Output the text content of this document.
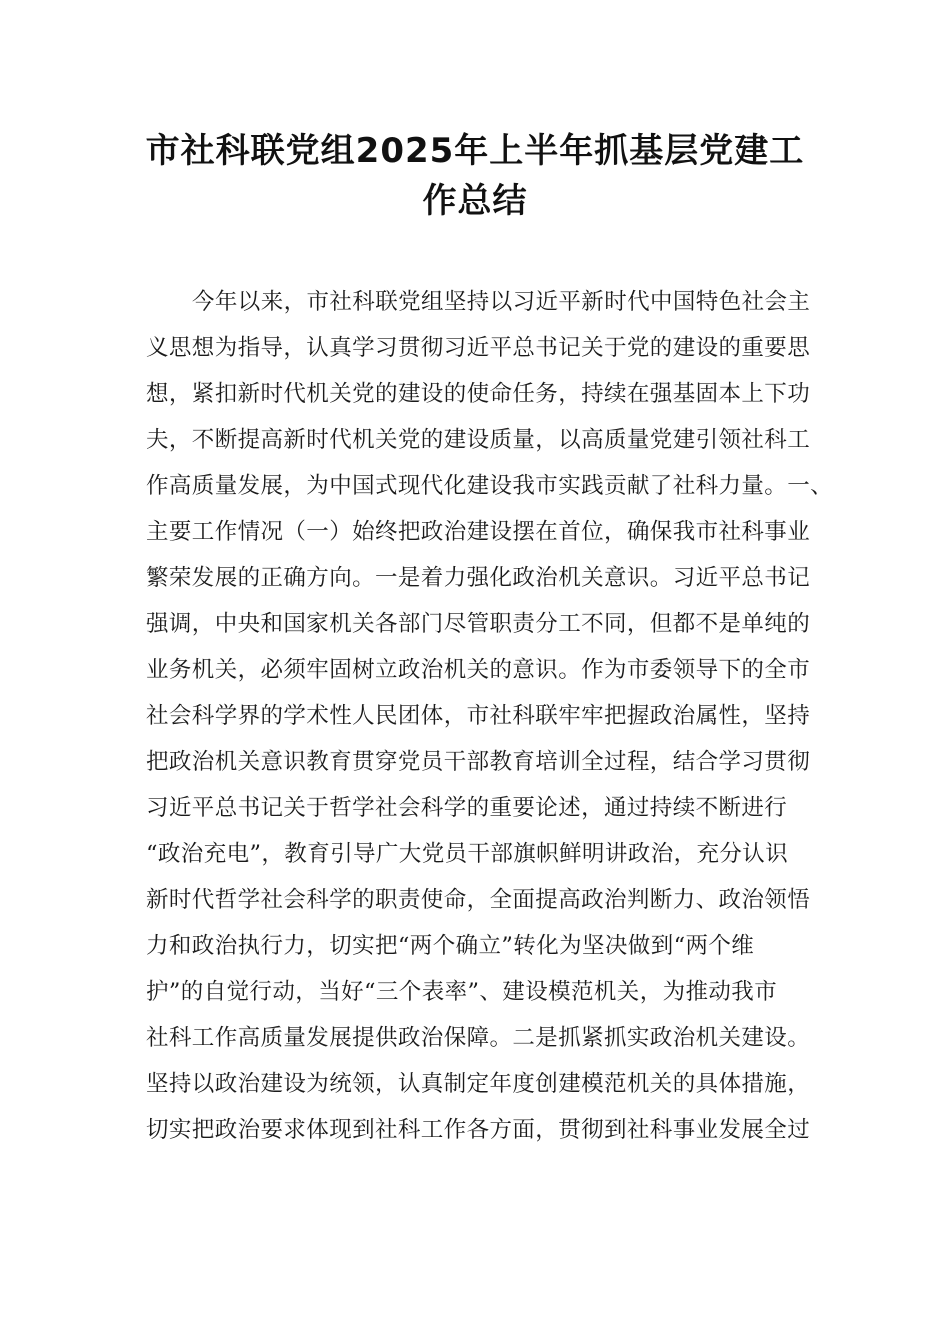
市社科联党组2025年上半年抓基层党建工
作总结
今年以来，市社科联党组坚持以习近平新时代中国特色社会主
义思想为指导，认真学习贯彻习近平总书记关于党的建设的重要思
想，紧扣新时代机关党的建设的使命任务，持续在强基固本上下功
夫，不断提高新时代机关党的建设质量，以高质量党建引领社科工
作高质量发展，为中国式现代化建设我市实践贡献了社科力量。一、
主要工作情况（一）始终把政治建设摆在首位，确保我市社科事业
繁荣发展的正确方向。一是着力强化政治机关意识。习近平总书记
强调，中央和国家机关各部门尽管职责分工不同，但都不是单纯的
业务机关，必须牢固树立政治机关的意识。作为市委领导下的全市
社会科学界的学术性人民团体，市社科联牢牢把握政治属性，坚持
把政治机关意识教育贯穿党员干部教育培训全过程，结合学习贯彻
习近平总书记关于哲学社会科学的重要论述，通过持续不断进行
“政治充电”，教育引导广大党员干部旗帜鲜明讲政治，充分认识
新时代哲学社会科学的职责使命，全面提高政治判断力、政治领悟
力和政治执行力，切实把“两个确立”转化为坚决做到“两个维
护”的自觉行动，当好“三个表率”、建设模范机关，为推动我市
社科工作高质量发展提供政治保障。二是抓紧抓实政治机关建设。
坚持以政治建设为统领，认真制定年度创建模范机关的具体措施，
切实把政治要求体现到社科工作各方面，贯彻到社科事业发展全过
